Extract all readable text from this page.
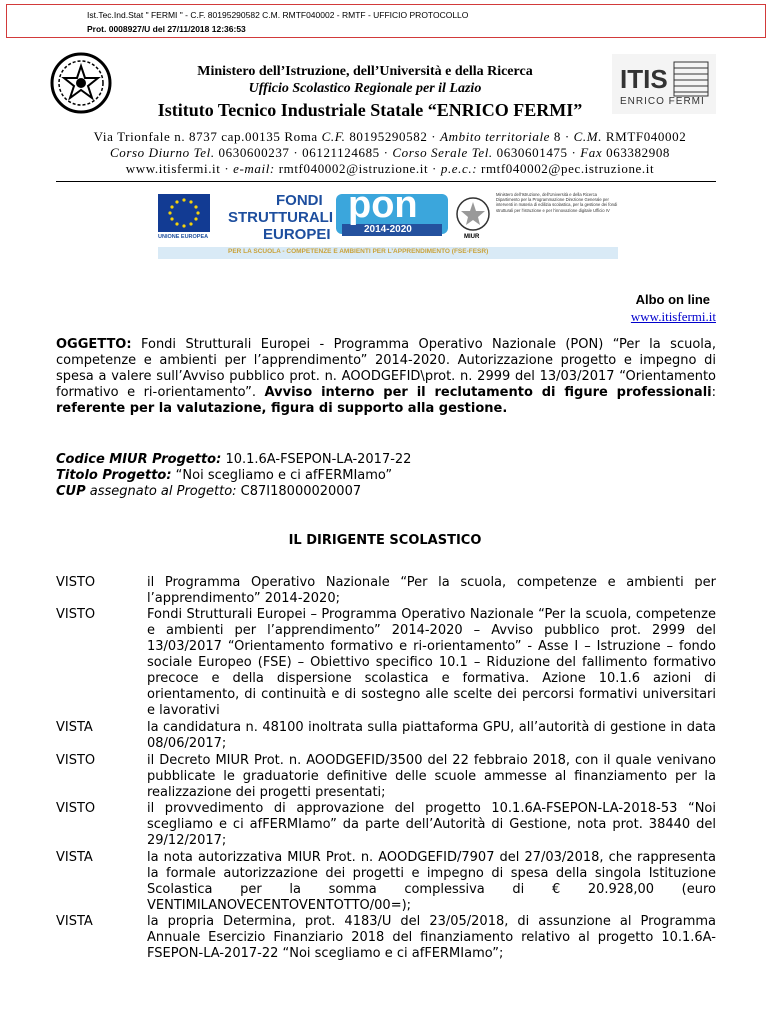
Ist.Tec.Ind.Stat " FERMI " - C.F. 80195290582 C.M. RMTF040002 - RMTF - UFFICIO PROTOCOLLO
Prot. 0008927/U del 27/11/2018 12:36:53
Ministero dell’Istruzione, dell’Università e della Ricerca
Ufficio Scolastico Regionale per il Lazio
Istituto Tecnico Industriale Statale “ENRICO FERMI”
ITIS
ENRICO FERMI
Via Trionfale n. 8737 cap.00135 Roma C.F. 80195290582 · Ambito territoriale 8 · C.M. RMTF040002
Corso Diurno Tel. 0630600237 · 06121124685 · Corso Serale Tel. 0630601475 · Fax 063382908
www.itisfermi.it · e-mail: rmtf040002@istruzione.it · p.e.c.: rmtf040002@pec.istruzione.it
FONDI
STRUTTURALI
EUROPEI
UNIONE EUROPEA
pon
2014-2020
MIUR
Ministero dell’Istruzione, dell’Università e della Ricerca Dipartimento per la Programmazione Direzione Generale per interventi in materia di edilizia scolastica, per la gestione dei fondi strutturali per l’istruzione e per l’innovazione digitale Ufficio IV
PER LA SCUOLA - COMPETENZE E AMBIENTI PER L’APPRENDIMENTO (FSE-FESR)
Albo on line
www.itisfermi.it
OGGETTO: Fondi Strutturali Europei - Programma Operativo Nazionale (PON) “Per la scuola, competenze e ambienti per l’apprendimento” 2014-2020. Autorizzazione progetto e impegno di spesa a valere sull’Avviso pubblico prot. n. AOODGEFID\prot. n. 2999 del 13/03/2017 “Orientamento formativo e ri-orientamento”. Avviso interno per il reclutamento di figure professionali: referente per la valutazione, figura di supporto alla gestione.
Codice MIUR Progetto: 10.1.6A-FSEPON-LA-2017-22
Titolo Progetto: “Noi scegliamo e ci afFERMIamo”
CUP assegnato al Progetto: C87I18000020007
IL DIRIGENTE SCOLASTICO
VISTO	il Programma Operativo Nazionale “Per la scuola, competenze e ambienti per l’apprendimento” 2014-2020;
VISTO	Fondi Strutturali Europei – Programma Operativo Nazionale “Per la scuola, competenze e ambienti per l’apprendimento” 2014-2020 – Avviso pubblico prot. 2999 del 13/03/2017 “Orientamento formativo e ri-orientamento” - Asse I – Istruzione – fondo sociale Europeo (FSE) – Obiettivo specifico 10.1 – Riduzione del fallimento formativo precoce e della dispersione scolastica e formativa. Azione 10.1.6 azioni di orientamento, di continuità e di sostegno alle scelte dei percorsi formativi universitari e lavorativi
VISTA	la candidatura n. 48100 inoltrata sulla piattaforma GPU, all’autorità di gestione in data 08/06/2017;
VISTO	il Decreto MIUR Prot. n. AOODGEFID/3500 del 22 febbraio 2018, con il quale venivano pubblicate le graduatorie definitive delle scuole ammesse al finanziamento per la realizzazione dei progetti presentati;
VISTO	il provvedimento di approvazione del progetto 10.1.6A-FSEPON-LA-2018-53 “Noi scegliamo e ci afFERMIamo” da parte dell’Autorità di Gestione, nota prot. 38440 del 29/12/2017;
VISTA	la nota autorizzativa MIUR Prot. n. AOODGEFID/7907 del 27/03/2018, che rappresenta la formale autorizzazione dei progetti e impegno di spesa della singola Istituzione Scolastica per la somma complessiva di € 20.928,00 (euro VENTIMILANOVECENTOVENTOTTO/00=);
VISTA	la propria Determina, prot. 4183/U del 23/05/2018, di assunzione al Programma Annuale Esercizio Finanziario 2018 del finanziamento relativo al progetto 10.1.6A-FSEPON-LA-2017-22 “Noi scegliamo e ci afFERMIamo”;
